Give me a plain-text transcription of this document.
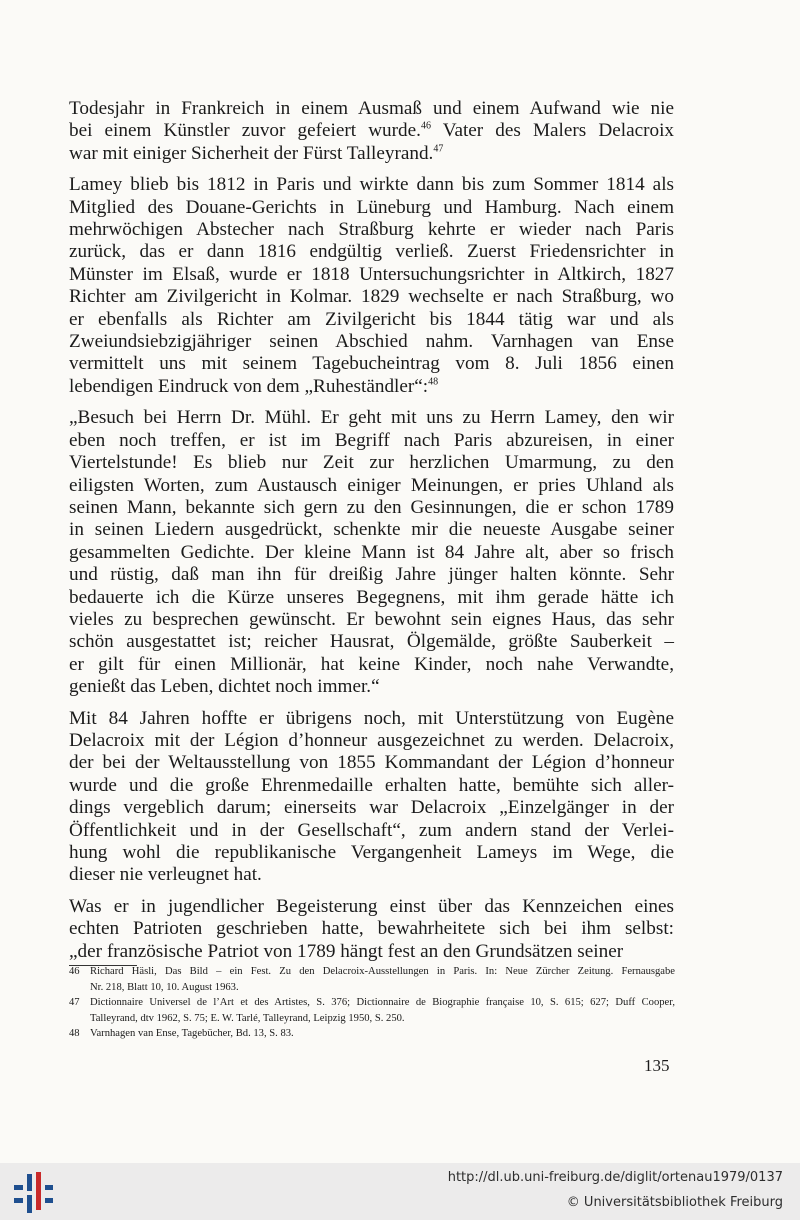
Todesjahr in Frankreich in einem Ausmaß und einem Aufwand wie nie
bei einem Künstler zuvor gefeiert wurde.$^{46}$ Vater des Malers Delacroix
war mit einiger Sicherheit der Fürst Talleyrand.$^{47}$
Lamey blieb bis 1812 in Paris und wirkte dann bis zum Sommer 1814 als
Mitglied des Douane-Gerichts in Lüneburg und Hamburg. Nach einem
mehrwöchigen Abstecher nach Straßburg kehrte er wieder nach Paris
zurück, das er dann 1816 endgültig verließ. Zuerst Friedensrichter in
Münster im Elsaß, wurde er 1818 Untersuchungsrichter in Altkirch, 1827
Richter am Zivilgericht in Kolmar. 1829 wechselte er nach Straßburg, wo
er ebenfalls als Richter am Zivilgericht bis 1844 tätig war und als
Zweiundsiebzigjähriger seinen Abschied nahm. Varnhagen van Ense
vermittelt uns mit seinem Tagebucheintrag vom 8. Juli 1856 einen
lebendigen Eindruck von dem „Ruheständler“:$^{48}$
„Besuch bei Herrn Dr. Mühl. Er geht mit uns zu Herrn Lamey, den wir
eben noch treffen, er ist im Begriff nach Paris abzureisen, in einer
Viertelstunde! Es blieb nur Zeit zur herzlichen Umarmung, zu den
eiligsten Worten, zum Austausch einiger Meinungen, er pries Uhland als
seinen Mann, bekannte sich gern zu den Gesinnungen, die er schon 1789
in seinen Liedern ausgedrückt, schenkte mir die neueste Ausgabe seiner
gesammelten Gedichte. Der kleine Mann ist 84 Jahre alt, aber so frisch
und rüstig, daß man ihn für dreißig Jahre jünger halten könnte. Sehr
bedauerte ich die Kürze unseres Begegnens, mit ihm gerade hätte ich
vieles zu besprechen gewünscht. Er bewohnt sein eignes Haus, das sehr
schön ausgestattet ist; reicher Hausrat, Ölgemälde, größte Sauberkeit –
er gilt für einen Millionär, hat keine Kinder, noch nahe Verwandte,
genießt das Leben, dichtet noch immer.“
Mit 84 Jahren hoffte er übrigens noch, mit Unterstützung von Eugène
Delacroix mit der Légion d’honneur ausgezeichnet zu werden. Delacroix,
der bei der Weltausstellung von 1855 Kommandant der Légion d’honneur
wurde und die große Ehrenmedaille erhalten hatte, bemühte sich aller-
dings vergeblich darum; einerseits war Delacroix „Einzelgänger in der
Öffentlichkeit und in der Gesellschaft“, zum andern stand der Verlei-
hung wohl die republikanische Vergangenheit Lameys im Wege, die
dieser nie verleugnet hat.
Was er in jugendlicher Begeisterung einst über das Kennzeichen eines
echten Patrioten geschrieben hatte, bewahrheitete sich bei ihm selbst:
„der französische Patriot von 1789 hängt fest an den Grundsätzen seiner
46 Richard Häsli, Das Bild – ein Fest. Zu den Delacroix-Ausstellungen in Paris. In: Neue Zürcher Zeitung. Fernausgabe
Nr. 218, Blatt 10, 10. August 1963.
47 Dictionnaire Universel de l’Art et des Artistes, S. 376; Dictionnaire de Biographie française 10, S. 615; 627; Duff Cooper,
Talleyrand, dtv 1962, S. 75; E. W. Tarlé, Talleyrand, Leipzig 1950, S. 250.
48 Varnhagen van Ense, Tagebücher, Bd. 13, S. 83.
135
http://dl.ub.uni-freiburg.de/diglit/ortenau1979/0137
© Universitätsbibliothek Freiburg
